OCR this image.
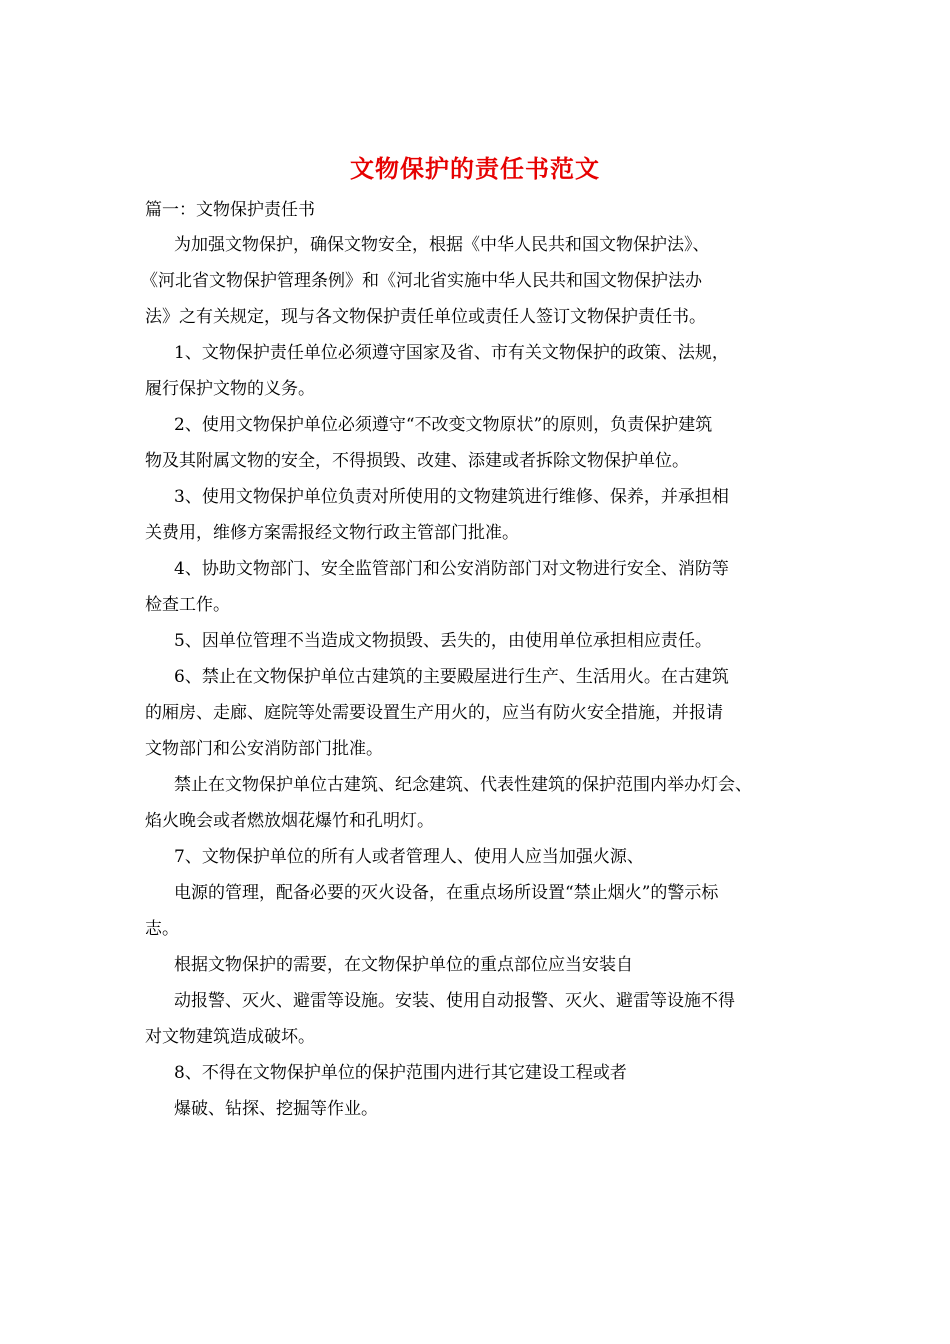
文物保护的责任书范文
篇一：文物保护责任书
为加强文物保护，确保文物安全，根据《中华人民共和国文物保护法》、
《河北省文物保护管理条例》和《河北省实施中华人民共和国文物保护法办
法》之有关规定，现与各文物保护责任单位或责任人签订文物保护责任书。
1、文物保护责任单位必须遵守国家及省、市有关文物保护的政策、法规，
履行保护文物的义务。
2、使用文物保护单位必须遵守“不改变文物原状”的原则，负责保护建筑
物及其附属文物的安全，不得损毁、改建、添建或者拆除文物保护单位。
3、使用文物保护单位负责对所使用的文物建筑进行维修、保养，并承担相
关费用，维修方案需报经文物行政主管部门批准。
4、协助文物部门、安全监管部门和公安消防部门对文物进行安全、消防等
检查工作。
5、因单位管理不当造成文物损毁、丢失的，由使用单位承担相应责任。
6、禁止在文物保护单位古建筑的主要殿屋进行生产、生活用火。在古建筑
的厢房、走廊、庭院等处需要设置生产用火的，应当有防火安全措施，并报请
文物部门和公安消防部门批准。
禁止在文物保护单位古建筑、纪念建筑、代表性建筑的保护范围内举办灯会、
焰火晚会或者燃放烟花爆竹和孔明灯。
7、文物保护单位的所有人或者管理人、使用人应当加强火源、
电源的管理，配备必要的灭火设备，在重点场所设置“禁止烟火”的警示标
志。
根据文物保护的需要，在文物保护单位的重点部位应当安装自
动报警、灭火、避雷等设施。安装、使用自动报警、灭火、避雷等设施不得
对文物建筑造成破坏。
8、不得在文物保护单位的保护范围内进行其它建设工程或者
爆破、钻探、挖掘等作业。
